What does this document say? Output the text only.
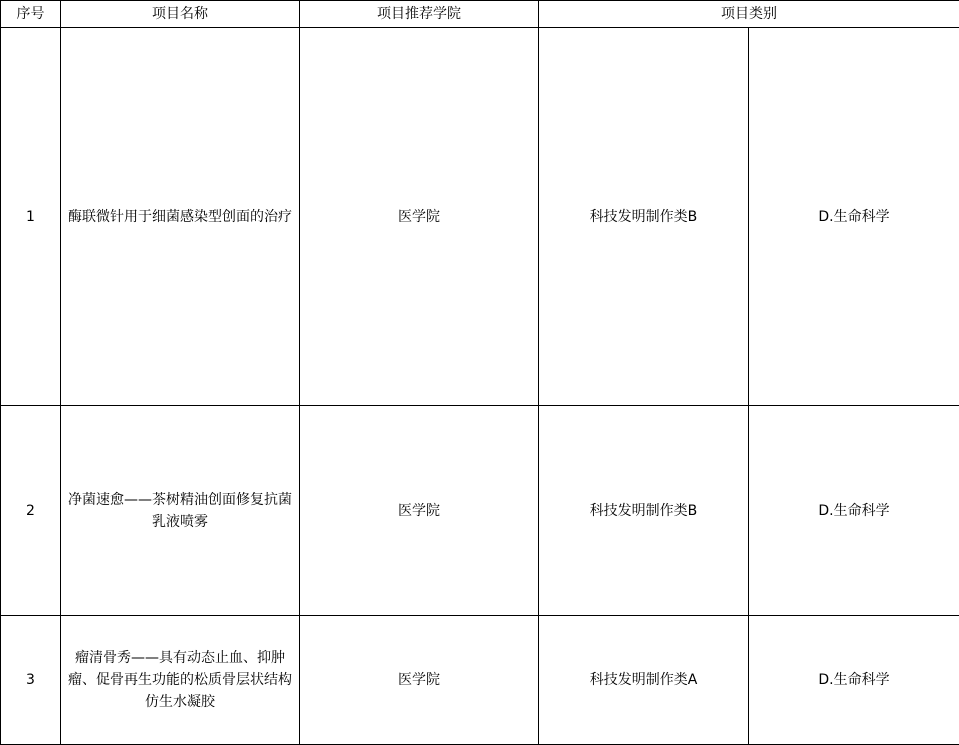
序号	项目名称	项目推荐学院	项目类别	
1	酶联微针用于细菌感染型创面的治疗	医学院	科技发明制作类B	D.生命科学
2	净菌速愈——茶树精油创面修复抗菌乳液喷雾	医学院	科技发明制作类B	D.生命科学
3	瘤清骨秀——具有动态止血、抑肿瘤、促骨再生功能的松质骨层状结构仿生水凝胶	医学院	科技发明制作类A	D.生命科学
